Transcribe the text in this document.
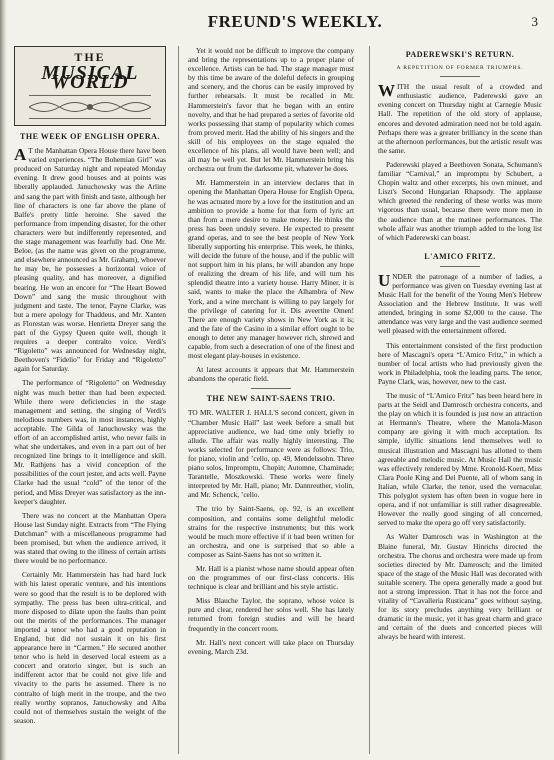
FREUND'S WEEKLY.	3
THE
MUSICAL WORLD
THE WEEK OF ENGLISH OPERA.

A T the Manhattan Opera House there have been varied experiences. “The Bohemian Girl” was produced on Saturday night and repeated Monday evening. It drew good houses and at points was liberally applauded. Januchowsky was the Arline and sang the part with finish and taste, although her line of characters is one far above the plane of Balfe's pretty little heroine. She saved the performance from impending disaster, for the other characters were but indifferently represented, and the stage management was fearfully bad. One Mr. Beloe, (as the name was given on the programme, and elsewhere announced as Mr. Graham), whoever he may be, he possesses a horizontal voice of pleasing quality, and has moreover, a dignified bearing. He won an encore for “The Heart Bowed Down” and sang the music throughout with judgment and taste. The tenor, Payne Clarke, was but a mere apology for Thaddeus, and Mr. Xanten as Florestan was worse. Henrietta Dreyer sang the part of the Gypsy Queen quite well, though it requires a deeper contralto voice. Verdi's “Rigoletto” was announced for Wednesday night, Beethoven's “Fidelio” for Friday and “Rigoletto” again for Saturday.

The performance of “Rigoletto” on Wednesday night was much better than had been expected. While there were deficiencies in the stage management and setting, the singing of Verdi's melodious numbers was, in most instances, highly acceptable. The Gilda of Januchowsky was the effort of an accomplished artist, who never fails in what she undertakes, and even in a part out of her recognized line brings to it intelligence and skill. Mr. Rathjens has a vivid conception of the possibilities of the court jester, and acts well. Payne Clarke had the usual “cold” of the tenor of the period, and Miss Dreyer was satisfactory as the inn-keeper's daughter.

There was no concert at the Manhattan Opera House last Sunday night. Extracts from “The Flying Dutchman” with a miscellaneous programme had been promised, but when the audience arrived, it was stated that owing to the illness of certain artists there would be no performance.

Certainly Mr. Hammerstein has had hard luck with his latest operatic venture, and his intentions were so good that the result is to be deplored with sympathy. The press has been ultra-critical, and more disposed to dilate upon the faults than point out the merits of the performances. The manager imported a tenor who had a good reputation in England, but did not sustain it on his first appearance here in “Carmen.” He secured another tenor who is held in deserved local esteem as a concert and oratorio singer, but is such an indifferent actor that he could not give life and vivacity to the parts he assumed. There is no contralto of high merit in the troupe, and the two really worthy sopranos, Januchowsky and Alba could not of themselves sustain the weight of the season.

Yet it would not be difficult to improve the company and bring the representations up to a proper plane of excellence. Artists can be had. The stage manager must by this time be aware of the doleful defects in grouping and scenery, and the chorus can be easily improved by further rehearsals. It must be recalled in Mr. Hammerstein's favor that he began with an entire novelty, and that he had prepared a series of favorite old works possessing that stamp of popularity which comes from proved merit. Had the ability of his singers and the skill of his employees on the stage equaled the excellence of his plans, all would have been well; and all may be well yet. But let Mr. Hammerstein bring his orchestra out from the darksome pit, whatever he does.

Mr. Hammerstein in an interview declares that in opening the Manhattan Opera House for English Opera, he was actuated more by a love for the institution and an ambition to provide a home for that form of lyric art than from a mere desire to make money. He thinks the press has been unduly severe. He expected to present grand operas, and to see the best people of New York liberally supporting his enterprise. This week, he thinks, will decide the future of the house, and if the public will not support him in his plans, he will abandon any hope of realizing the dream of his life, and will turn his splendid theatre into a variety house. Harry Miner, it is said, wants to make the place the Alhambra of New York, and a wine merchant is willing to pay largely for the privilege of catering for it. Dis aveertite Omen! There are enough variety shows in New York as it is; and the fate of the Casino in a similar effort ought to be enough to deter any manager however rich, shrewd and capable, from such a desecration of one of the finest and most elegant play-houses in existence.

At latest accounts it appears that Mr. Hammerstein abandons the operatic field.

THE NEW SAINT-SAENS TRIO.

TO MR. WALTER J. HALL'S second concert, given in “Chamber Music Hall” last week before a small but appreciative audience, we had time only briefly to allude. The affair was really highly interesting. The works selected for performance were as follows: Trio, for piano, violin and ’cello, op. 49, Mendelssohn. Three piano solos, Impromptu, Chopin; Automne, Chaminade; Tarantelle, Moszkowski. These works were finely interpreted by Mr. Hall, piano; Mr. Dannreuther, violin, and Mr. Schenck, ’cello.

The trio by Saint-Saens, op. 92, is an excellent composition, and contains some delightful melodic strains for the respective instruments; but this work would be much more effective if it had been written for an orchestra, and one is surprised that so able a composer as Saint-Saens has not so written it.

Mr. Hall is a pianist whose name should appear often on the programmes of our first-class concerts. His technique is clear and brilliant and his style artistic.

Miss Blauche Taylor, the soprano, whose voice is pure and clear, rendered her solos well. She has lately returned from foreign studies and will be heard frequently in the concert room.

Mr. Hall's next concert will take place on Thursday evening, March 23d.

PADEREWSKI'S RETURN.
A REPETITION OF FORMER TRIUMPHS.

WITH the usual result of a crowded and enthusiastic audience, Paderewski gave an evening concert on Thursday night at Carnegie Music Hall. The repetition of the old story of applause, encores and devoted admiration need not be told again. Perhaps there was a greater brilliancy in the scene than at the afternoon performances, but the artistic result was the same.

Paderewski played a Beethoven Sonata, Schumann's familiar “Carnival,” an impromptu by Schubert, a Chopin waltz and other excerpts, his own minuet, and Liszt's Second Hungarian Rhapsody. The applause which greeted the rendering of these works was more vigorous than usual, because there were more men in the audience than at the matinee performances. The whole affair was another triumph added to the long list of which Paderewski can boast.

L'AMICO FRITZ.

UNDER the patronage of a number of ladies, a performance was given on Tuesday evening last at Music Hall for the benefit of the Young Men's Hebrew Association and the Hebrew Institute. It was well attended, bringing in some $2,000 to the cause. The attendance was very large and the vast audience seemed well pleased with the entertainment offered.

This entertainment consisted of the first production here of Mascagni's opera “L'Amico Fritz,” in which a number of local artists who had previously given the work in Philadelphia, took the leading parts. The tenor, Payne Clark, was, however, new to the cast.

The music of “L'Amico Fritz” has been heard here in parts at the Seidl and Damrosch orchestra concerts, and the play on which it is founded is just now an attraction at Hermann's Theatre, where the Manola-Mason company are giving it with much acceptation. Its simple, idyllic situations lend themselves well to musical illustration and Mascagni has allotted to them agreeable and melodic music. At Music Hall the music was effectively rendered by Mme. Kronold-Koert, Miss Clara Poole King and Del Puente, all of whom sang in Italian, while Clarke, the tenor, used the vernacular. This polyglot system has often been in vogue here in opera, and if not unfamiliar is still rather disagreeable. However the really good singing of all concerned, served to make the opera go off very satisfactorily.

As Walter Damrosch was in Washington at the Blaine funeral, Mr. Gustav Hinrichs directed the orchestra. The chorus and orchestra were made up from societies directed by Mr. Damrosch; and the limited space of the stage of the Music Hall was decorated with suitable scenery. The opera generally made a good but not a strong impression. That it has not the force and vitality of “Cavalleria Rusticana” goes without saying, for its story precludes anything very brilliant or dramatic in the music, yet it has great charm and grace and certain of the duets and concerted pieces will always be heard with interest.
